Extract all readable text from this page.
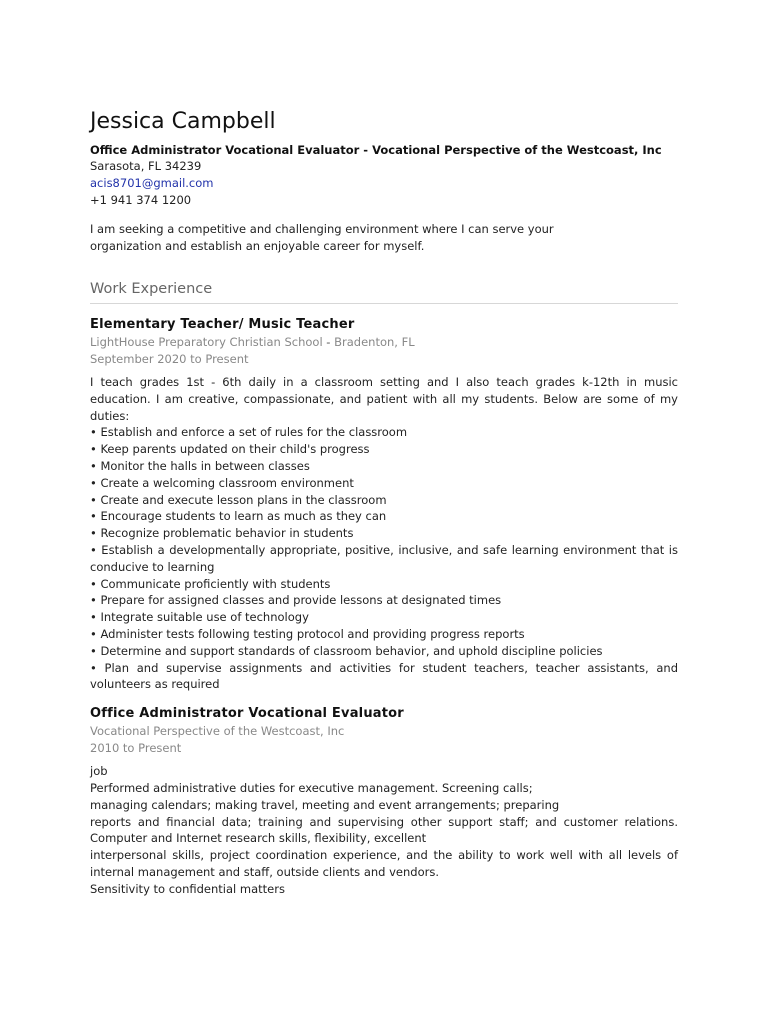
Jessica Campbell
Office Administrator Vocational Evaluator - Vocational Perspective of the Westcoast, Inc
Sarasota, FL 34239
acis8701@gmail.com
+1 941 374 1200
I am seeking a competitive and challenging environment where I can serve your organization and establish an enjoyable career for myself.
Work Experience
Elementary Teacher/ Music Teacher
LightHouse Preparatory Christian School - Bradenton, FL
September 2020 to Present
I teach grades 1st - 6th daily in a classroom setting and I also teach grades k-12th in music education. I am creative, compassionate, and patient with all my students. Below are some of my duties:
• Establish and enforce a set of rules for the classroom
• Keep parents updated on their child's progress
• Monitor the halls in between classes
• Create a welcoming classroom environment
• Create and execute lesson plans in the classroom
• Encourage students to learn as much as they can
• Recognize problematic behavior in students
• Establish a developmentally appropriate, positive, inclusive, and safe learning environment that is conducive to learning
• Communicate proficiently with students
• Prepare for assigned classes and provide lessons at designated times
• Integrate suitable use of technology
• Administer tests following testing protocol and providing progress reports
• Determine and support standards of classroom behavior, and uphold discipline policies
• Plan and supervise assignments and activities for student teachers, teacher assistants, and volunteers as required
Office Administrator Vocational Evaluator
Vocational Perspective of the Westcoast, Inc
2010 to Present
job
Performed administrative duties for executive management. Screening calls;
managing calendars; making travel, meeting and event arrangements; preparing
reports and financial data; training and supervising other support staff; and customer relations. Computer and Internet research skills, flexibility, excellent
interpersonal skills, project coordination experience, and the ability to work well with all levels of internal management and staff, outside clients and vendors.
Sensitivity to confidential matters
